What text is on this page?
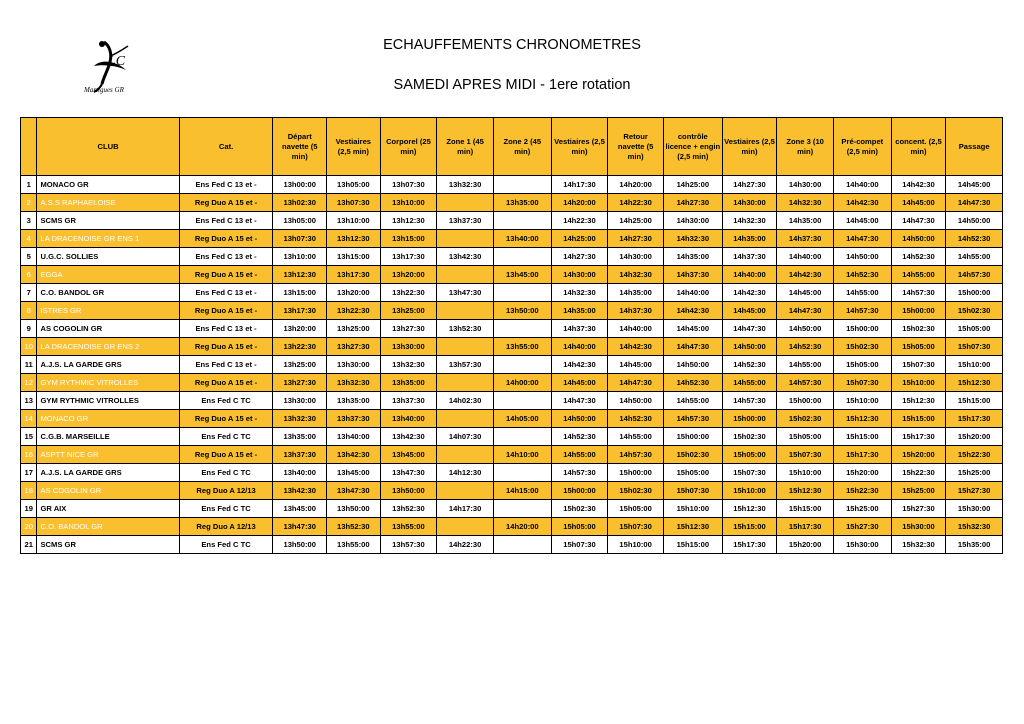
LC
Martigues GR
ECHAUFFEMENTS CHRONOMETRES
SAMEDI APRES MIDI - 1ere rotation
	CLUB	Cat.	Départ navette (5 min)	Vestiaires (2,5 min)	Corporel (25 min)	Zone 1 (45 min)	Zone 2 (45 min)	Vestiaires (2,5 min)	Retour navette (5 min)	contrôle licence + engin (2,5 min)	Vestiaires (2,5 min)	Zone 3 (10 min)	Pré-compet (2,5 min)	concent. (2,5 min)	Passage
1	MONACO GR	Ens Fed C 13 et -	13h00:00	13h05:00	13h07:30	13h32:30		14h17:30	14h20:00	14h25:00	14h27:30	14h30:00	14h40:00	14h42:30	14h45:00
2	A.S.S RAPHAELOISE	Reg Duo A 15 et -	13h02:30	13h07:30	13h10:00		13h35:00	14h20:00	14h22:30	14h27:30	14h30:00	14h32:30	14h42:30	14h45:00	14h47:30
3	SCMS GR	Ens Fed C 13 et -	13h05:00	13h10:00	13h12:30	13h37:30		14h22:30	14h25:00	14h30:00	14h32:30	14h35:00	14h45:00	14h47:30	14h50:00
4	LA DRACENOISE GR ENS 1	Reg Duo A 15 et -	13h07:30	13h12:30	13h15:00		13h40:00	14h25:00	14h27:30	14h32:30	14h35:00	14h37:30	14h47:30	14h50:00	14h52:30
5	U.G.C. SOLLIES	Ens Fed C 13 et -	13h10:00	13h15:00	13h17:30	13h42:30		14h27:30	14h30:00	14h35:00	14h37:30	14h40:00	14h50:00	14h52:30	14h55:00
6	EGGA	Reg Duo A 15 et -	13h12:30	13h17:30	13h20:00		13h45:00	14h30:00	14h32:30	14h37:30	14h40:00	14h42:30	14h52:30	14h55:00	14h57:30
7	C.O. BANDOL GR	Ens Fed C 13 et -	13h15:00	13h20:00	13h22:30	13h47:30		14h32:30	14h35:00	14h40:00	14h42:30	14h45:00	14h55:00	14h57:30	15h00:00
8	ISTRES GR	Reg Duo A 15 et -	13h17:30	13h22:30	13h25:00		13h50:00	14h35:00	14h37:30	14h42:30	14h45:00	14h47:30	14h57:30	15h00:00	15h02:30
9	AS COGOLIN GR	Ens Fed C 13 et -	13h20:00	13h25:00	13h27:30	13h52:30		14h37:30	14h40:00	14h45:00	14h47:30	14h50:00	15h00:00	15h02:30	15h05:00
10	LA DRACENOISE GR ENS 2	Reg Duo A 15 et -	13h22:30	13h27:30	13h30:00		13h55:00	14h40:00	14h42:30	14h47:30	14h50:00	14h52:30	15h02:30	15h05:00	15h07:30
11	A.J.S. LA GARDE GRS	Ens Fed C 13 et -	13h25:00	13h30:00	13h32:30	13h57:30		14h42:30	14h45:00	14h50:00	14h52:30	14h55:00	15h05:00	15h07:30	15h10:00
12	GYM RYTHMIC VITROLLES	Reg Duo A 15 et -	13h27:30	13h32:30	13h35:00		14h00:00	14h45:00	14h47:30	14h52:30	14h55:00	14h57:30	15h07:30	15h10:00	15h12:30
13	GYM RYTHMIC VITROLLES	Ens Fed C TC	13h30:00	13h35:00	13h37:30	14h02:30		14h47:30	14h50:00	14h55:00	14h57:30	15h00:00	15h10:00	15h12:30	15h15:00
14	MONACO GR	Reg Duo A 15 et -	13h32:30	13h37:30	13h40:00		14h05:00	14h50:00	14h52:30	14h57:30	15h00:00	15h02:30	15h12:30	15h15:00	15h17:30
15	C.G.B. MARSEILLE	Ens Fed C TC	13h35:00	13h40:00	13h42:30	14h07:30		14h52:30	14h55:00	15h00:00	15h02:30	15h05:00	15h15:00	15h17:30	15h20:00
16	ASPTT NICE GR	Reg Duo A 15 et -	13h37:30	13h42:30	13h45:00		14h10:00	14h55:00	14h57:30	15h02:30	15h05:00	15h07:30	15h17:30	15h20:00	15h22:30
17	A.J.S. LA GARDE GRS	Ens Fed C TC	13h40:00	13h45:00	13h47:30	14h12:30		14h57:30	15h00:00	15h05:00	15h07:30	15h10:00	15h20:00	15h22:30	15h25:00
18	AS COGOLIN GR	Reg Duo A 12/13	13h42:30	13h47:30	13h50:00		14h15:00	15h00:00	15h02:30	15h07:30	15h10:00	15h12:30	15h22:30	15h25:00	15h27:30
19	GR AIX	Ens Fed C TC	13h45:00	13h50:00	13h52:30	14h17:30		15h02:30	15h05:00	15h10:00	15h12:30	15h15:00	15h25:00	15h27:30	15h30:00
20	C.O. BANDOL GR	Reg Duo A 12/13	13h47:30	13h52:30	13h55:00		14h20:00	15h05:00	15h07:30	15h12:30	15h15:00	15h17:30	15h27:30	15h30:00	15h32:30
21	SCMS GR	Ens Fed C TC	13h50:00	13h55:00	13h57:30	14h22:30		15h07:30	15h10:00	15h15:00	15h17:30	15h20:00	15h30:00	15h32:30	15h35:00
